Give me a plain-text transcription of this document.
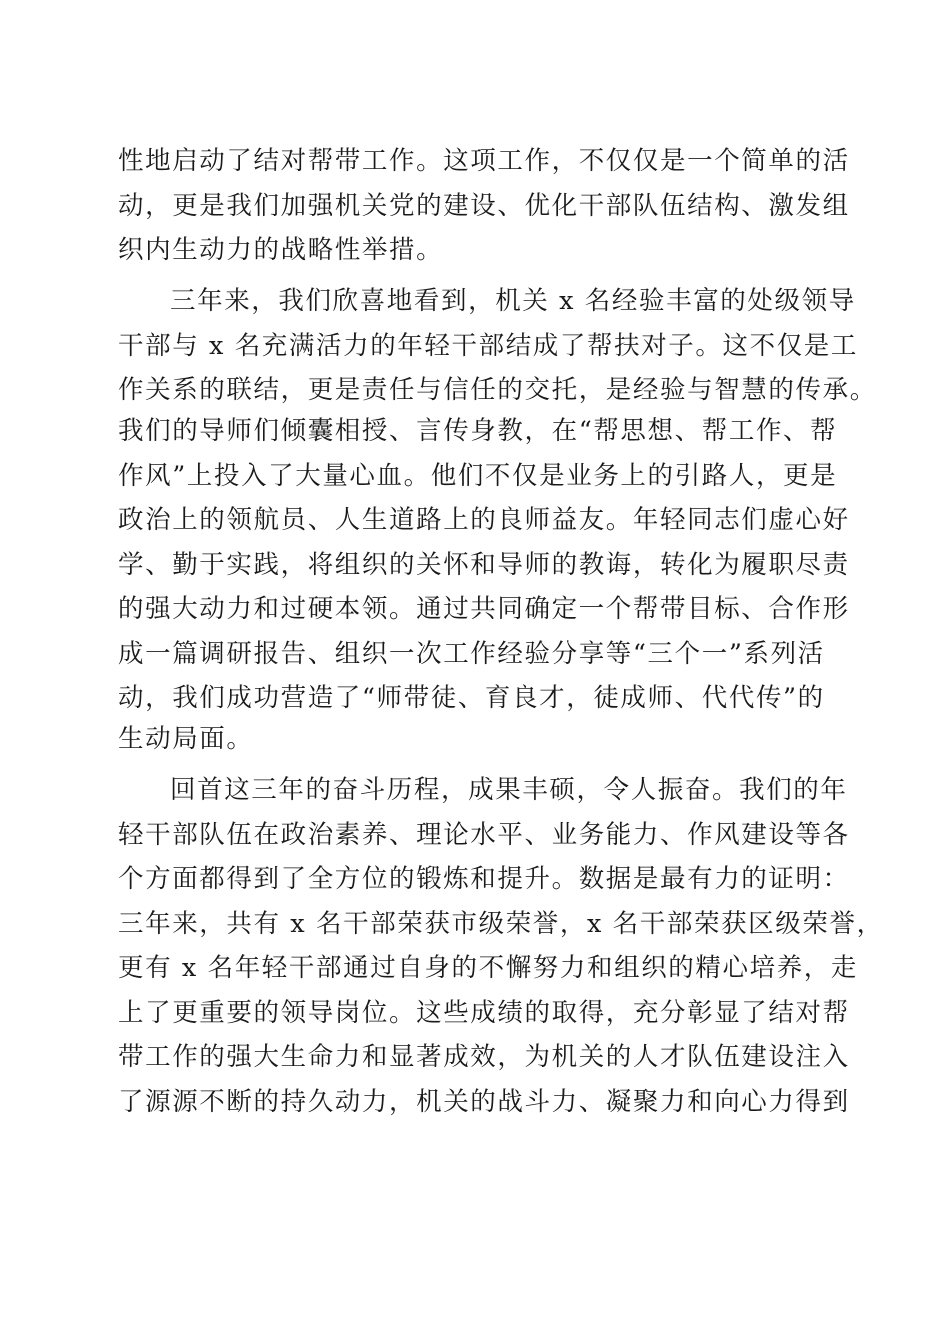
性地启动了结对帮带工作。这项工作，不仅仅是一个简单的活
动，更是我们加强机关党的建设、优化干部队伍结构、激发组
织内生动力的战略性举措。
三年来，我们欣喜地看到，机关 x 名经验丰富的处级领导
干部与 x 名充满活力的年轻干部结成了帮扶对子。这不仅是工
作关系的联结，更是责任与信任的交托，是经验与智慧的传承。
我们的导师们倾囊相授、言传身教，在“帮思想、帮工作、帮
作风”上投入了大量心血。他们不仅是业务上的引路人，更是
政治上的领航员、人生道路上的良师益友。年轻同志们虚心好
学、勤于实践，将组织的关怀和导师的教诲，转化为履职尽责
的强大动力和过硬本领。通过共同确定一个帮带目标、合作形
成一篇调研报告、组织一次工作经验分享等“三个一”系列活
动，我们成功营造了“师带徒、育良才，徒成师、代代传”的
生动局面。
回首这三年的奋斗历程，成果丰硕，令人振奋。我们的年
轻干部队伍在政治素养、理论水平、业务能力、作风建设等各
个方面都得到了全方位的锻炼和提升。数据是最有力的证明：
三年来，共有 x 名干部荣获市级荣誉，x 名干部荣获区级荣誉，
更有 x 名年轻干部通过自身的不懈努力和组织的精心培养，走
上了更重要的领导岗位。这些成绩的取得，充分彰显了结对帮
带工作的强大生命力和显著成效，为机关的人才队伍建设注入
了源源不断的持久动力，机关的战斗力、凝聚力和向心力得到
